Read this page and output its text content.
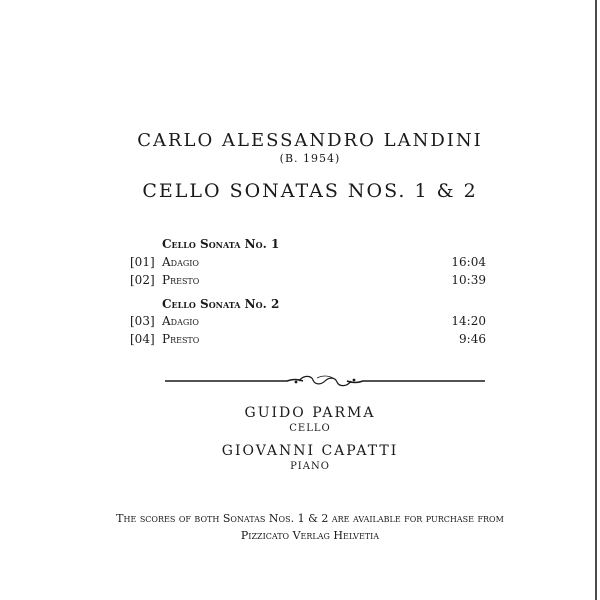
CARLO ALESSANDRO LANDINI
(B. 1954)
CELLO SONATAS NOS. 1 & 2
Cello Sonata No. 1
[01] Adagio	16:04
[02] Presto	10:39
Cello Sonata No. 2
[03] Adagio	14:20
[04] Presto	9:46
GUIDO PARMA
CELLO
GIOVANNI CAPATTI
PIANO
The scores of both Sonatas Nos. 1 & 2 are available for purchase from
Pizzicato Verlag Helvetia
